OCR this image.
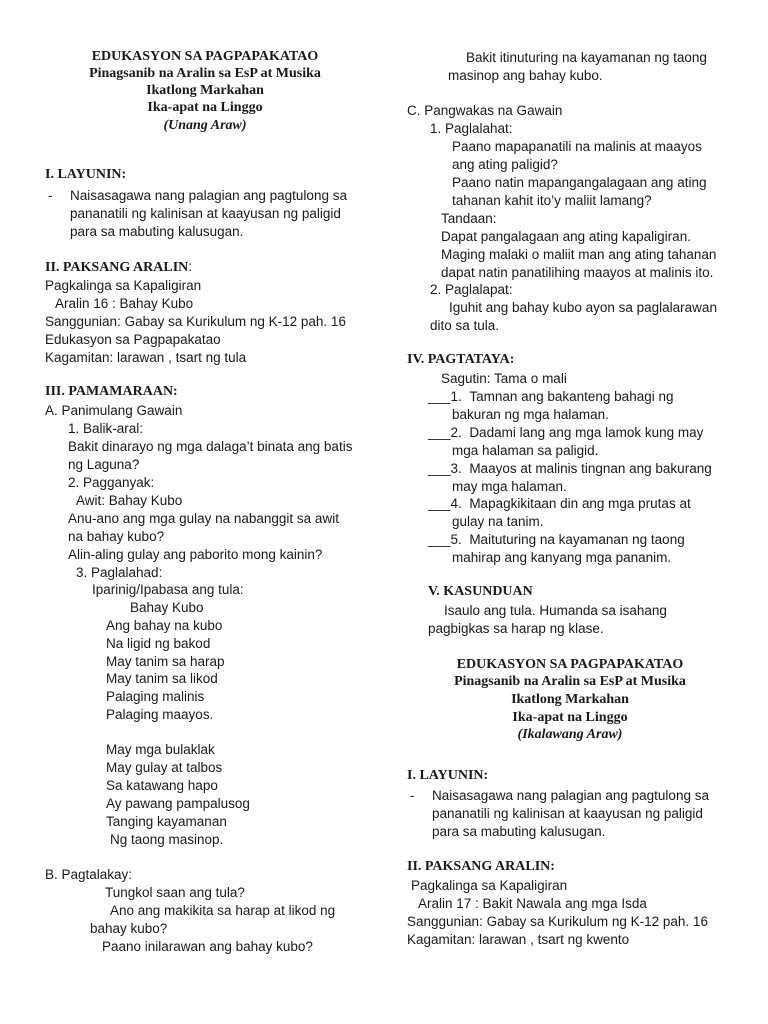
EDUKASYON SA PAGPAPAKATAO
Pinagsanib na Aralin sa EsP at Musika
Ikatlong Markahan
Ika-apat na Linggo
(Unang Araw)
I. LAYUNIN:
- Naisasagawa nang palagian ang pagtulong sa
pananatili ng kalinisan at kaayusan ng paligid
para sa mabuting kalusugan.
II. PAKSANG ARALIN:
Pagkalinga sa Kapaligiran
Aralin 16 : Bahay Kubo
Sanggunian: Gabay sa Kurikulum ng K-12 pah. 16
Edukasyon sa Pagpapakatao
Kagamitan: larawan , tsart ng tula
III. PAMAMARAAN:
A. Panimulang Gawain
1. Balik-aral:
Bakit dinarayo ng mga dalaga’t binata ang batis
ng Laguna?
2. Pagganyak:
Awit: Bahay Kubo
Anu-ano ang mga gulay na nabanggit sa awit
na bahay kubo?
Alin-aling gulay ang paborito mong kainin?
3. Paglalahad:
Iparinig/Ipabasa ang tula:
Bahay Kubo
Ang bahay na kubo
Na ligid ng bakod
May tanim sa harap
May tanim sa likod
Palaging malinis
Palaging maayos.
May mga bulaklak
May gulay at talbos
Sa katawang hapo
Ay pawang pampalusog
Tanging kayamanan
Ng taong masinop.
B. Pagtalakay:
Tungkol saan ang tula?
Ano ang makikita sa harap at likod ng
bahay kubo?
Paano inilarawan ang bahay kubo?
Bakit itinuturing na kayamanan ng taong
masinop ang bahay kubo.
C. Pangwakas na Gawain
1. Paglalahat:
Paano mapapanatili na malinis at maayos
ang ating paligid?
Paano natin mapangangalagaan ang ating
tahanan kahit ito’y maliit lamang?
Tandaan:
Dapat pangalagaan ang ating kapaligiran.
Maging malaki o maliit man ang ating tahanan
dapat natin panatilihing maayos at malinis ito.
2. Paglalapat:
Iguhit ang bahay kubo ayon sa paglalarawan
dito sa tula.
IV. PAGTATAYA:
Sagutin: Tama o mali
___1. Tamnan ang bakanteng bahagi ng
bakuran ng mga halaman.
___2. Dadami lang ang mga lamok kung may
mga halaman sa paligid.
___3. Maayos at malinis tingnan ang bakurang
may mga halaman.
___4. Mapagkikitaan din ang mga prutas at
gulay na tanim.
___5. Maituturing na kayamanan ng taong
mahirap ang kanyang mga pananim.
V. KASUNDUAN
Isaulo ang tula. Humanda sa isahang
pagbigkas sa harap ng klase.
EDUKASYON SA PAGPAPAKATAO
Pinagsanib na Aralin sa EsP at Musika
Ikatlong Markahan
Ika-apat na Linggo
(Ikalawang Araw)
I. LAYUNIN:
- Naisasagawa nang palagian ang pagtulong sa
pananatili ng kalinisan at kaayusan ng paligid
para sa mabuting kalusugan.
II. PAKSANG ARALIN:
Pagkalinga sa Kapaligiran
Aralin 17 : Bakit Nawala ang mga Isda
Sanggunian: Gabay sa Kurikulum ng K-12 pah. 16
Kagamitan: larawan , tsart ng kwento
